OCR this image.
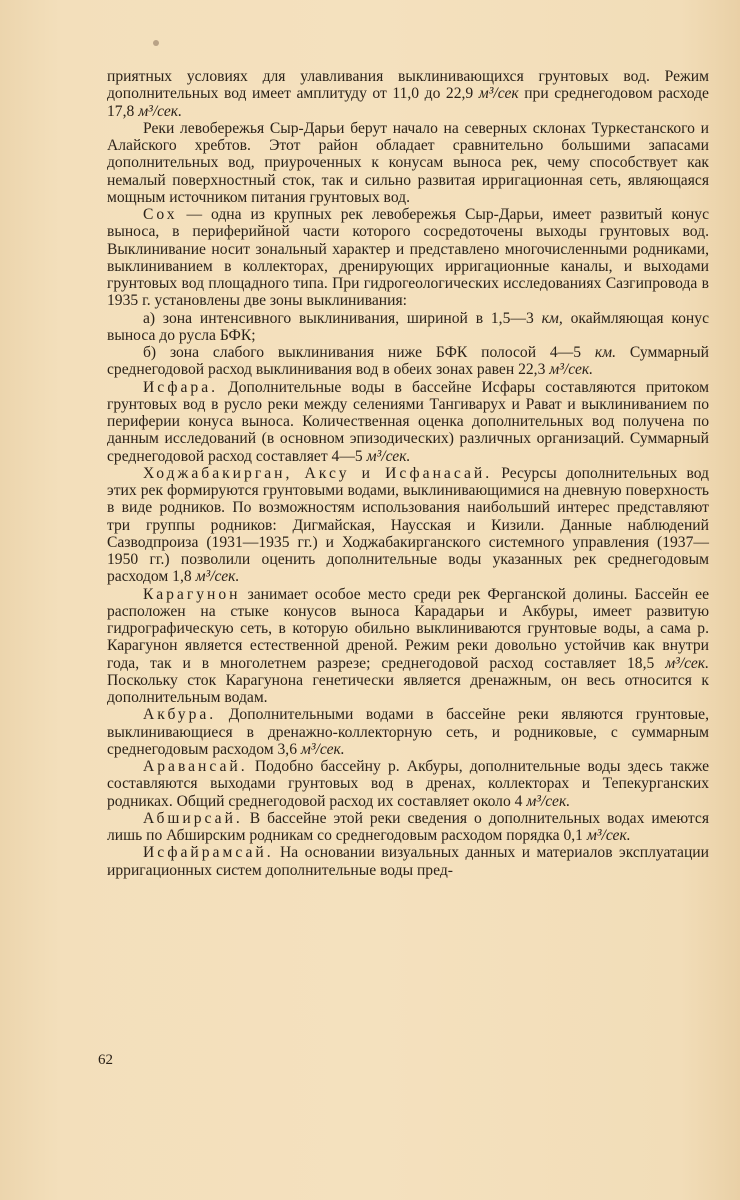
приятных условиях для улавливания выклинивающихся грунтовых вод. Режим дополнительных вод имеет амплитуду от 11,0 до 22,9 м³/сек при среднегодовом расходе 17,8 м³/сек.

Реки левобережья Сыр-Дарьи берут начало на северных склонах Туркестанского и Алайского хребтов. Этот район обладает сравнительно большими запасами дополнительных вод, приуроченных к конусам выноса рек, чему способствует как немалый поверхностный сток, так и сильно развитая ирригационная сеть, являющаяся мощным источником питания грунтовых вод.

Сох — одна из крупных рек левобережья Сыр-Дарьи, имеет развитый конус выноса, в периферийной части которого сосредоточены выходы грунтовых вод. Выклинивание носит зональный характер и представлено многочисленными родниками, выклиниванием в коллекторах, дренирующих ирригационные каналы, и выходами грунтовых вод площадного типа. При гидрогеологических исследованиях Сазгипровода в 1935 г. установлены две зоны выклинивания:

а) зона интенсивного выклинивания, шириной в 1,5—3 км, окаймляющая конус выноса до русла БФК;

б) зона слабого выклинивания ниже БФК полосой 4—5 км. Суммарный среднегодовой расход выклинивания вод в обеих зонах равен 22,3 м³/сек.

Исфара. Дополнительные воды в бассейне Исфары составляются притоком грунтовых вод в русло реки между селениями Тангиварух и Рават и выклиниванием по периферии конуса выноса. Количественная оценка дополнительных вод получена по данным исследований (в основном эпизодических) различных организаций. Суммарный среднегодовой расход составляет 4—5 м³/сек.

Ходжабакирган, Аксу и Исфанасай. Ресурсы дополнительных вод этих рек формируются грунтовыми водами, выклинивающимися на дневную поверхность в виде родников. По возможностям использования наибольший интерес представляют три группы родников: Дигмайская, Наусская и Кизили. Данные наблюдений Сазводпроиза (1931—1935 гг.) и Ходжабакирганского системного управления (1937—1950 гг.) позволили оценить дополнительные воды указанных рек среднегодовым расходом 1,8 м³/сек.

Карагунон занимает особое место среди рек Ферганской долины. Бассейн ее расположен на стыке конусов выноса Карадарьи и Акбуры, имеет развитую гидрографическую сеть, в которую обильно выклиниваются грунтовые воды, а сама р. Карагунон является естественной дреной. Режим реки довольно устойчив как внутри года, так и в многолетнем разрезе; среднегодовой расход составляет 18,5 м³/сек. Поскольку сток Карагунона генетически является дренажным, он весь относится к дополнительным водам.

Акбура. Дополнительными водами в бассейне реки являются грунтовые, выклинивающиеся в дренажно-коллекторную сеть, и родниковые, с суммарным среднегодовым расходом 3,6 м³/сек.

Аравансай. Подобно бассейну р. Акбуры, дополнительные воды здесь также составляются выходами грунтовых вод в дренах, коллекторах и Тепекурганских родниках. Общий среднегодовой расход их составляет около 4 м³/сек.

Абширсай. В бассейне этой реки сведения о дополнительных водах имеются лишь по Абширским родникам со среднегодовым расходом порядка 0,1 м³/сек.

Исфайрамсай. На основании визуальных данных и материалов эксплуатации ирригационных систем дополнительные воды пред-

62
